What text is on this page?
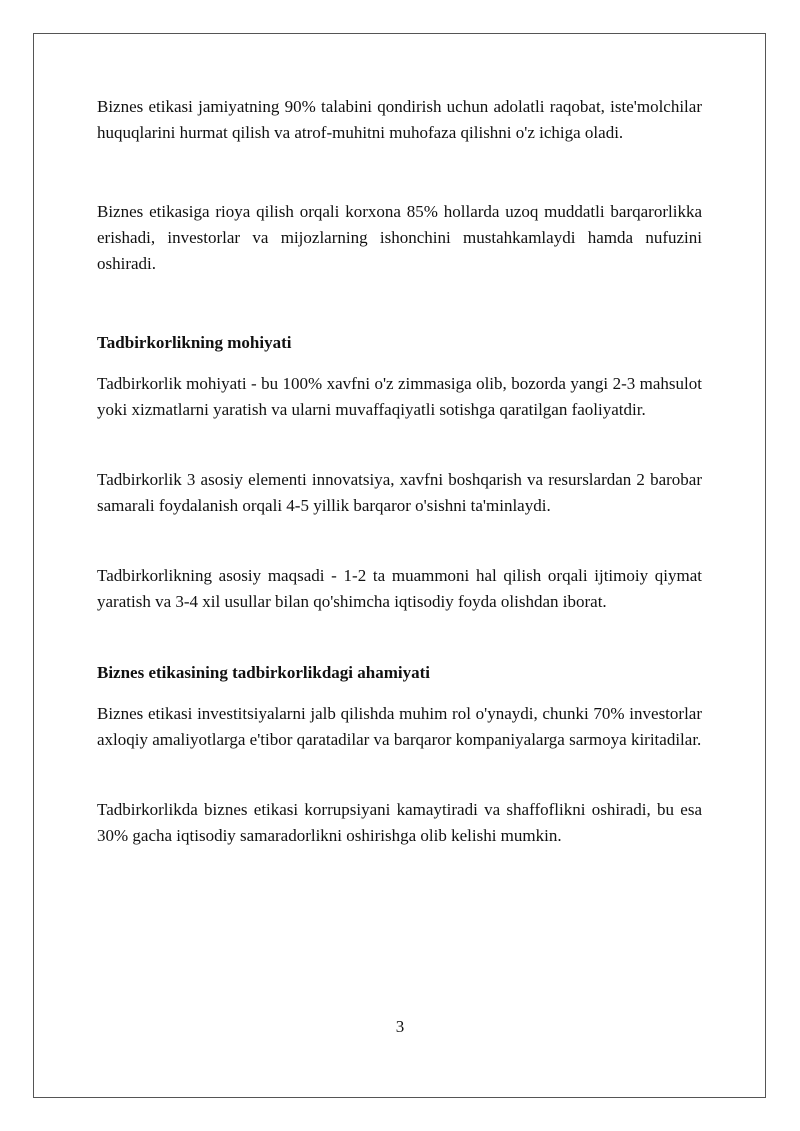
Biznes etikasi jamiyatning 90% talabini qondirish uchun adolatli raqobat, iste'molchilar huquqlarini hurmat qilish va atrof-muhitni muhofaza qilishni o'z ichiga oladi.

Biznes etikasiga rioya qilish orqali korxona 85% hollarda uzoq muddatli barqarorlikka erishadi, investorlar va mijozlarning ishonchini mustahkamlaydi hamda nufuzini oshiradi.

Tadbirkorlikning mohiyati

Tadbirkorlik mohiyati - bu 100% xavfni o'z zimmasiga olib, bozorda yangi 2-3 mahsulot yoki xizmatlarni yaratish va ularni muvaffaqiyatli sotishga qaratilgan faoliyatdir.

Tadbirkorlik 3 asosiy elementi innovatsiya, xavfni boshqarish va resurslardan 2 barobar samarali foydalanish orqali 4-5 yillik barqaror o'sishni ta'minlaydi.

Tadbirkorlikning asosiy maqsadi - 1-2 ta muammoni hal qilish orqali ijtimoiy qiymat yaratish va 3-4 xil usullar bilan qo'shimcha iqtisodiy foyda olishdan iborat.

Biznes etikasining tadbirkorlikdagi ahamiyati

Biznes etikasi investitsiyalarni jalb qilishda muhim rol o'ynaydi, chunki 70% investorlar axloqiy amaliyotlarga e'tibor qaratadilar va barqaror kompaniyalarga sarmoya kiritadilar.

Tadbirkorlikda biznes etikasi korrupsiyani kamaytiradi va shaffoflikni oshiradi, bu esa 30% gacha iqtisodiy samaradorlikni oshirishga olib kelishi mumkin.

3
